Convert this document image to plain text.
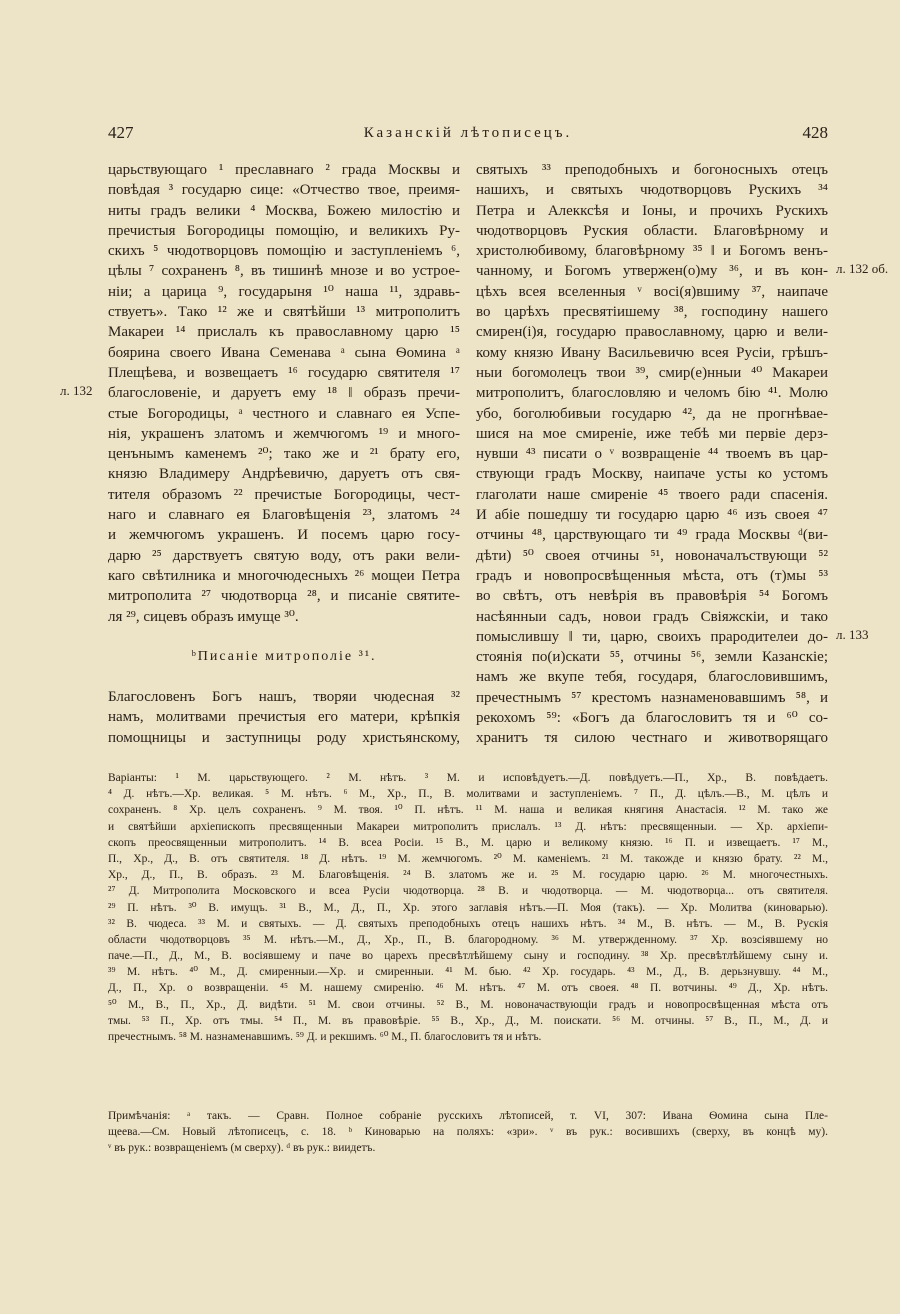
427	Казанскій лѣтописецъ.	428
царьствующаго ¹ преславнаго ² града Москвы и
повѣдая ³ государю сице: «Отчество твое, преимя-
ниты градъ велики ⁴ Москва, Божею милостію и
пречистыя Богородицы помощію, и великихъ Ру-
скихъ ⁵ чюдотворцовъ помощію и заступленіемъ ⁶,
цѣлы ⁷ сохраненъ ⁸, въ тишинѣ мнозе и во устрое-
ніи; а царица ⁹, государыня ¹⁰ наша ¹¹, здравь-
ствуетъ». Тако ¹² же и святѣйши ¹³ митрополитъ
Макареи ¹⁴ прислалъ къ православному царю ¹⁵
боярина своего Ивана Семенава ᵃ сына Ѳомина ᵃ
Плещѣева, и возвещаетъ ¹⁶ государю святителя ¹⁷
благословеніе, и даруетъ ему ¹⁸ ‖ образъ пречи-
стые Богородицы, ᵃ честного и славнаго ея Успе-
нія, украшенъ златомъ и жемчюгомъ ¹⁹ и много-
ценънымъ каменемъ ²⁰; тако же и ²¹ брату его,
князю Владимеру Андрѣевичю, даруетъ отъ свя-
тителя образомъ ²² пречистые Богородицы, чест-
наго и славнаго ея Благовѣщенія ²³, златомъ ²⁴
и жемчюгомъ украшенъ. И посемъ царю госу-
дарю ²⁵ дарствуетъ святую воду, отъ раки вели-
каго свѣтилника и многочюдесныхъ ²⁶ мощеи Петра
митрополита ²⁷ чюдотворца ²⁸, и писаніе святите-
ля ²⁹, сицевъ образъ имуще ³⁰.
ᵇПисаніе митрополіе ³¹.
Благословенъ Богъ нашъ, творяи чюдесная ³²
намъ, молитвами пречистыя его матери, крѣпкія
помощницы и заступницы роду христьянскому,
святыхъ ³³ преподобныхъ и богоносныхъ отецъ
нашихъ, и святыхъ чюдотворцовъ Рускихъ ³⁴
Петра и Алекксѣя и Іоны, и прочихъ Рускихъ
чюдотворцовъ Руския области. Благовѣрному и
христолюбивому, благовѣрному ³⁵ ‖ и Богомъ венъ-
чанному, и Богомъ утвержен(о)му ³⁶, и въ кон-
цѣхъ всея вселенныя ᵛ восі(я)вшиму ³⁷, наипаче
во царѣхъ пресвятіишему ³⁸, господину нашего
смирен(і)я, государю православному, царю и вели-
кому князю Ивану Васильевичю всея Русіи, грѣшъ-
ныи богомолецъ твои ³⁹, смир(е)нныи ⁴⁰ Макареи
митрополитъ, благословляю и челомъ бію ⁴¹. Молю
убо, боголюбивыи государю ⁴², да не прогнѣвае-
шися на мое смиреніе, иже тебѣ ми первіе дерз-
нувши ⁴³ писати о ᵛ возвращеніе ⁴⁴ твоемъ въ цар-
ствующи градъ Москву, наипаче усты ко устомъ
глаголати наше смиреніе ⁴⁵ твоего ради спасенія.
И абіе пошедшу ти государю царю ⁴⁶ изъ своея ⁴⁷
отчины ⁴⁸, царствующаго ти ⁴⁹ града Москвы ᵈ(ви-
дѣти) ⁵⁰ своея отчины ⁵¹, новоначалъствующи ⁵²
градъ и новопросвѣщенныя мѣста, отъ (т)мы ⁵³
во свѣтъ, отъ невѣрія въ правовѣрія ⁵⁴ Богомъ
насѣянныи садъ, новои градъ Свіяжскіи, и тако
помыслившу ‖ ти, царю, своихъ прародителеи до-
стоянія по(и)скати ⁵⁵, отчины ⁵⁶, земли Казанскіе;
намъ же вкупе тебя, государя, благословившимъ,
пречестнымъ ⁵⁷ крестомъ назнаменовавшимъ ⁵⁸, и
рекохомъ ⁵⁹: «Богъ да благословитъ тя и ⁶⁰ со-
хранитъ тя силою честнаго и животворящаго
л. 132
л. 132 об.
л. 133
Варіанты: ¹ М. царьствующего. ² М. нѣтъ. ³ М. и исповѣдуетъ.—Д. повѣдуетъ.—П., Хр., В. повѣдаетъ.
⁴ Д. нѣтъ.—Хр. великая. ⁵ М. нѣтъ. ⁶ М., Хр., П., В. молитвами и заступленіемъ. ⁷ П., Д. цѣлъ.—В., М. цѣлъ и
сохраненъ. ⁸ Хр. целъ сохраненъ. ⁹ М. твоя. ¹⁰ П. нѣтъ. ¹¹ М. наша и великая княгиня Анастасія. ¹² М. тако же
и святѣйши архіепископъ пресвященныи Макареи митрополитъ прислалъ. ¹³ Д. нѣтъ: пресвященныи. — Хр. архіепи-
скопъ преосвященныи митрополитъ. ¹⁴ В. всеа Росіи. ¹⁵ В., М. царю и великому князю. ¹⁶ П. и извещаетъ. ¹⁷ М.,
П., Хр., Д., В. отъ святителя. ¹⁸ Д. нѣтъ. ¹⁹ М. жемчюгомъ. ²⁰ М. каменіемъ. ²¹ М. такожде и князю брату. ²² М.,
Хр., Д., П., В. образъ. ²³ М. Благовѣщенія. ²⁴ В. златомъ же и. ²⁵ М. государю царю. ²⁶ М. многочестныхъ.
²⁷ Д. Митрополита Московского и всеа Русіи чюдотворца. ²⁸ В. и чюдотворца. — М. чюдотворца... отъ святителя.
²⁹ П. нѣтъ. ³⁰ В. имущъ. ³¹ В., М., Д., П., Хр. этого заглавія нѣтъ.—П. Моя (такъ). — Хр. Молитва (киноварью).
³² В. чюдеса. ³³ М. и святыхъ. — Д. святыхъ преподобныхъ отецъ нашихъ нѣтъ. ³⁴ М., В. нѣтъ. — М., В. Рускія
области чюдотворцовъ ³⁵ М. нѣтъ.—М., Д., Хр., П., В. благородному. ³⁶ М. утвержденному. ³⁷ Хр. возсіявшему но
паче.—П., Д., М., В. восіявшему и паче во царехъ пресвѣтлѣйшему сыну и господину. ³⁸ Хр. пресвѣтлѣйшему сыну и.
³⁹ М. нѣтъ. ⁴⁰ М., Д. смиренныи.—Хр. и смиренныи. ⁴¹ М. бью. ⁴² Хр. государь. ⁴³ М., Д., В. дерьзнувшу. ⁴⁴ М.,
Д., П., Хр. о возвращеніи. ⁴⁵ М. нашему смиренію. ⁴⁶ М. нѣтъ. ⁴⁷ М. отъ своея. ⁴⁸ П. вотчины. ⁴⁹ Д., Хр. нѣтъ.
⁵⁰ М., В., П., Хр., Д. видѣти. ⁵¹ М. свои отчины. ⁵² В., М. новоначаствующіи градъ и новопросвѣщенная мѣста отъ
тмы. ⁵³ П., Хр. отъ тмы. ⁵⁴ П., М. въ правовѣріе. ⁵⁵ В., Хр., Д., М. поискати. ⁵⁶ М. отчины. ⁵⁷ В., П., М., Д. и
пречестнымъ. ⁵⁸ М. назнаменавшимъ. ⁵⁹ Д. и рекшимъ. ⁶⁰ М., П. благословитъ тя и нѣтъ.
Примѣчанія: ᵃ такъ. — Сравн. Полное собраніе русскихъ лѣтописей, т. VI, 307: Ивана Ѳомина сына Пле-
щеева.—См. Новый лѣтописецъ, с. 18. ᵇ Киноварью на поляхъ: «зри». ᵛ въ рук.: восившихъ (сверху, въ концѣ му).
ᵛ въ рук.: возвращеніемъ (м сверху). ᵈ въ рук.: виидетъ.
